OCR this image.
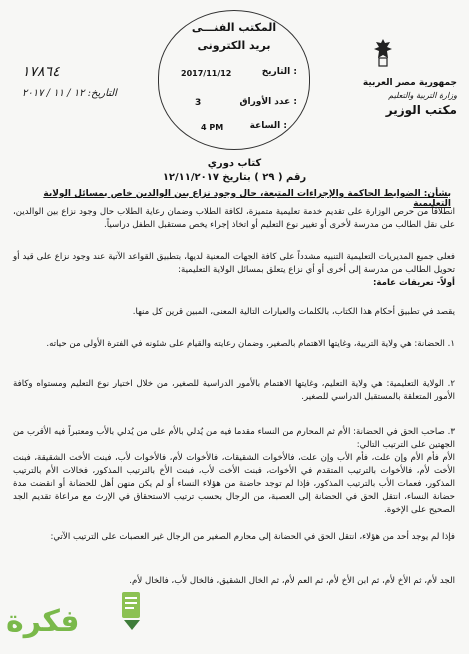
جمهورية مصر العربية
وزارة التربية والتعليم
مكتب الوزير
المكتب الفنـــى
بريد الكترونى
التاريخ :
2017/11/12
عدد الأوراق :
3
الساعة :
4 PM
١٧٨٦٤
التاريخ: ١٢ / ١١ / ٢٠١٧
كتاب دوري
رقم ( ٢٩ ) بتاريخ ١٢/١١/٢٠١٧
بشأن: الضوابط الحاكمة والإجراءات المتبعة، حال وجود نزاع بين الوالدين خاص بمسائل الولاية التعليمية
انطلاقاً من حرص الوزارة على تقديم خدمة تعليمية متميزة، لكافة الطلاب وضمان رعاية الطلاب حال وجود نزاع بين الوالدين، على نقل الطالب من مدرسة لأخرى أو تغيير نوع التعليم أو اتخاذ إجراء يخص مستقبل الطفل دراسياً.
فعلى جميع المديريات التعليمية التنبيه مشدداً على كافة الجهات المعنية لديها، بتطبيق القواعد الآتية عند وجود نزاع على قيد أو تحويل الطالب من مدرسة إلى أخرى أو أي نزاع يتعلق بمسائل الولاية التعليمية:
أولاً- تعريفات عامة:
يقصد في تطبيق أحكام هذا الكتاب، بالكلمات والعبارات التالية المعنى، المبين قرين كل منها.
١. الحضانة: هي ولاية التربية، وغايتها الاهتمام بالصغير، وضمان رعايته والقيام على شئونه في الفترة الأولى من حياته.
٢. الولاية التعليمية: هي ولاية التعليم، وغايتها الاهتمام بالأمور الدراسية للصغير، من خلال اختيار نوع التعليم ومستواه وكافة الأمور المتعلقة بالمستقبل الدراسي للصغير.
٣. صاحب الحق في الحضانة: الأم ثم المحارم من النساء مقدما فيه من يُدلي بالأم على من يُدلي بالأب ومعتبراً فيه الأقرب من الجهتين على الترتيب التالي:
الأم فأم الأم وإن علت، فأم الأب وإن علت، فالأخوات الشقيقات، فالأخوات لأم، فالأخوات لأب، فبنت الأخت الشقيقة، فبنت الأخت لأم، فالأخوات بالترتيب المتقدم في الأخوات، فبنت الأخت لأب، فبنت الأخ بالترتيب المذكور، فخالات الأم بالترتيب المذكور، فعمات الأب بالترتيب المذكور، فإذا لم توجد حاضنة من هؤلاء النساء أو لم يكن منهن أهل للحضانة أو انقضت مدة حضانة النساء، انتقل الحق في الحضانة إلى العصبة، من الرجال بحسب ترتيب الاستحقاق في الإرث مع مراعاة تقديم الجد الصحيح على الإخوة.
فإذا لم يوجد أحد من هؤلاء، انتقل الحق في الحضانة إلى محارم الصغير من الرجال غير العصبات على الترتيب الآتي:
الجد لأم، ثم الأخ لأم، ثم ابن الأخ لأم، ثم العم لأم، ثم الخال الشقيق، فالخال لأب، فالخال لأم.
فكرة
